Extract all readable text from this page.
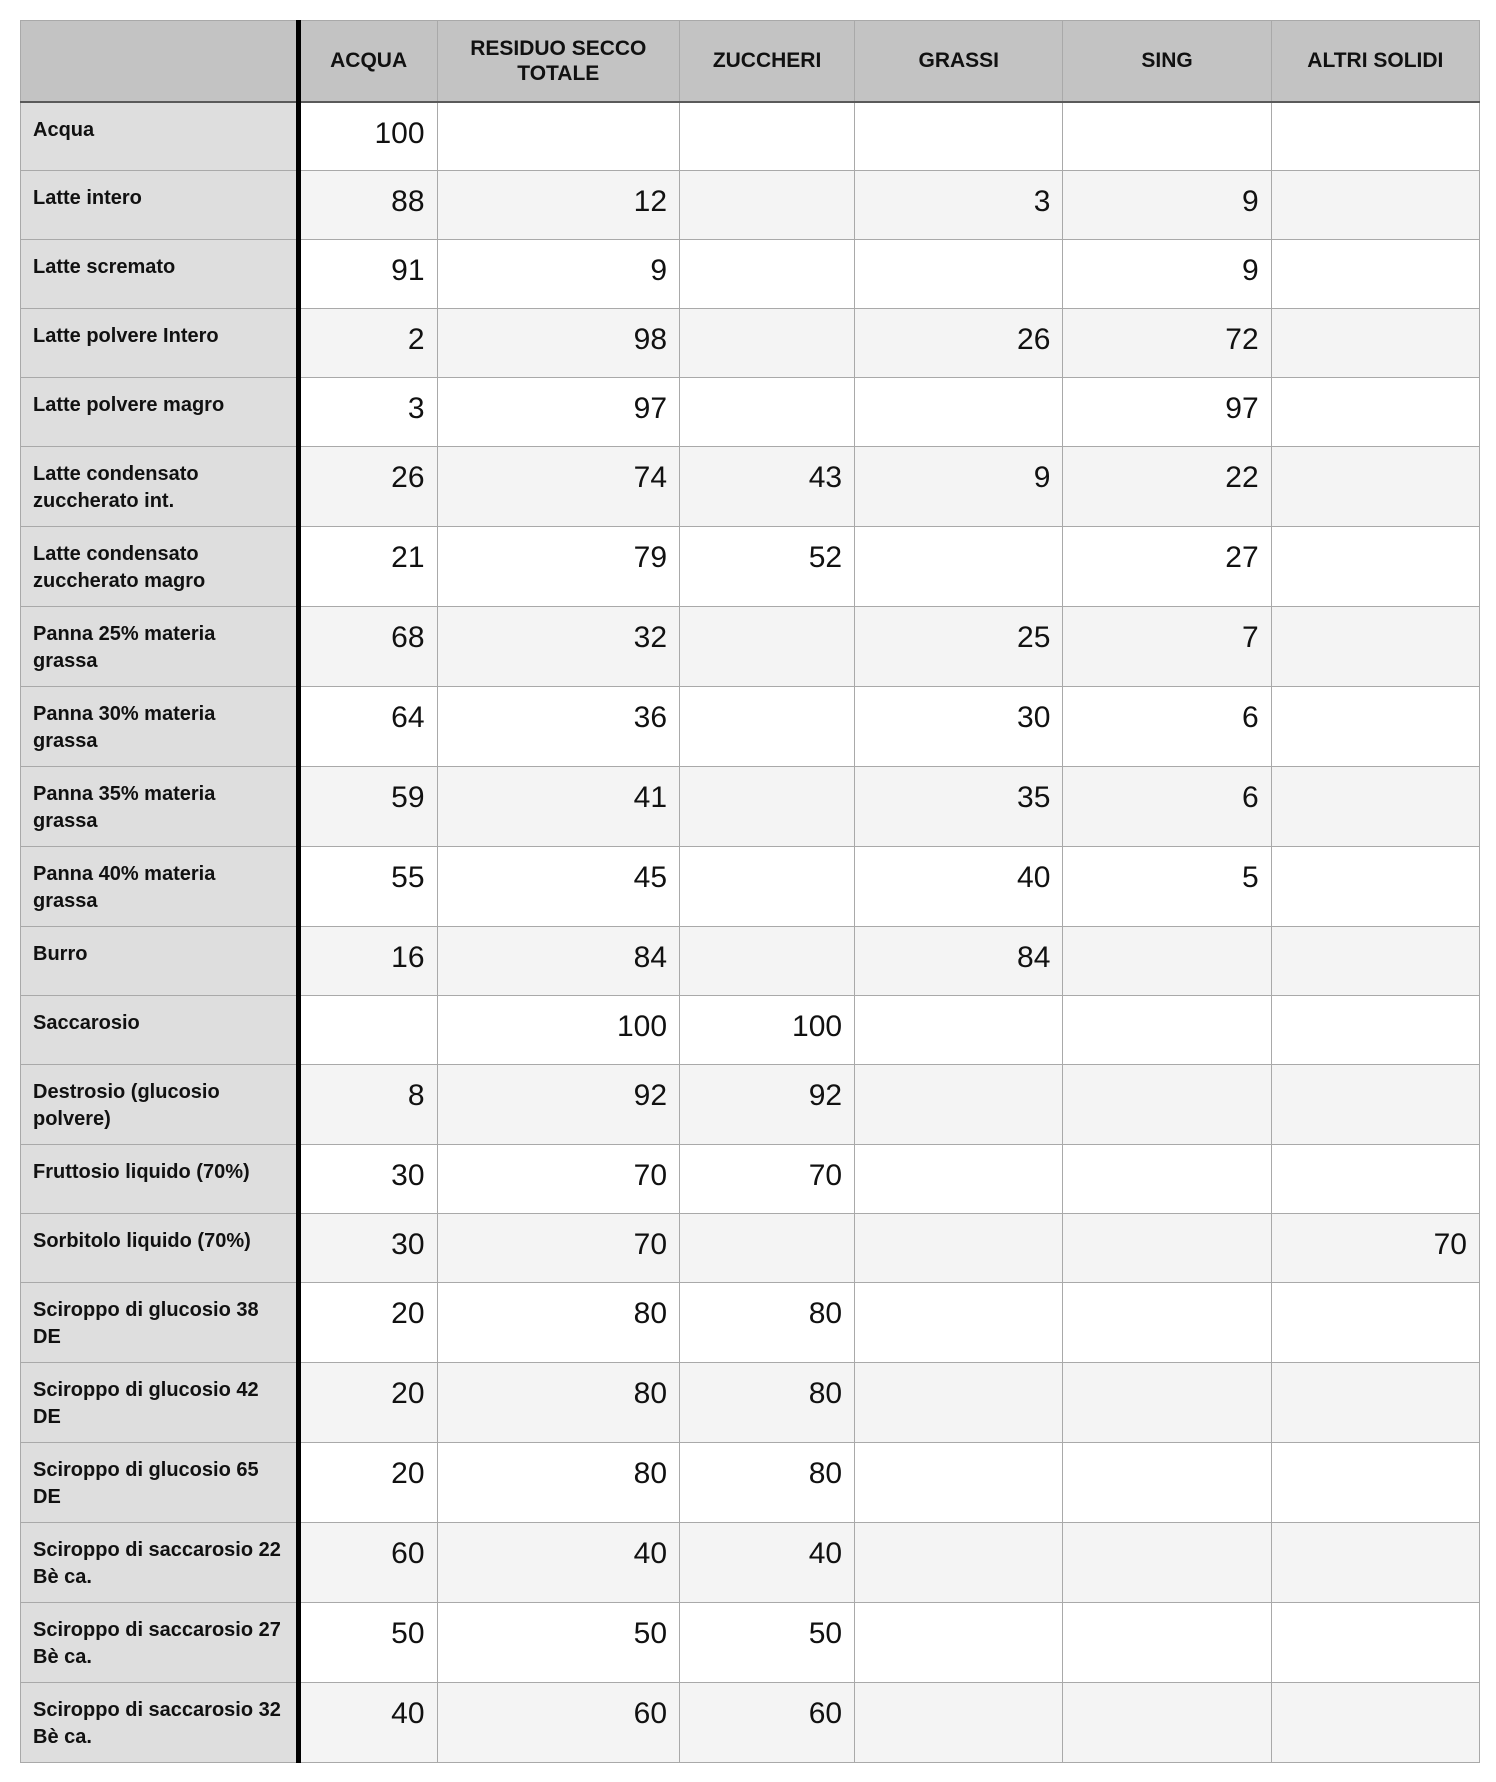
	ACQUA	RESIDUO SECCO TOTALE	ZUCCHERI	GRASSI	SING	ALTRI SOLIDI
Acqua	100					
Latte intero	88	12		3	9	
Latte scremato	91	9			9	
Latte polvere Intero	2	98		26	72	
Latte polvere magro	3	97			97	
Latte condensato zuccherato int.	26	74	43	9	22	
Latte condensato zuccherato magro	21	79	52		27	
Panna 25% materia grassa	68	32		25	7	
Panna 30% materia grassa	64	36		30	6	
Panna 35% materia grassa	59	41		35	6	
Panna 40% materia grassa	55	45		40	5	
Burro	16	84		84		
Saccarosio		100	100			
Destrosio (glucosio polvere)	8	92	92			
Fruttosio liquido (70%)	30	70	70			
Sorbitolo liquido (70%)	30	70				70
Sciroppo di glucosio 38 DE	20	80	80			
Sciroppo di glucosio 42 DE	20	80	80			
Sciroppo di glucosio 65 DE	20	80	80			
Sciroppo di saccarosio 22 Bè ca.	60	40	40			
Sciroppo di saccarosio 27 Bè ca.	50	50	50			
Sciroppo di saccarosio 32 Bè ca.	40	60	60			
